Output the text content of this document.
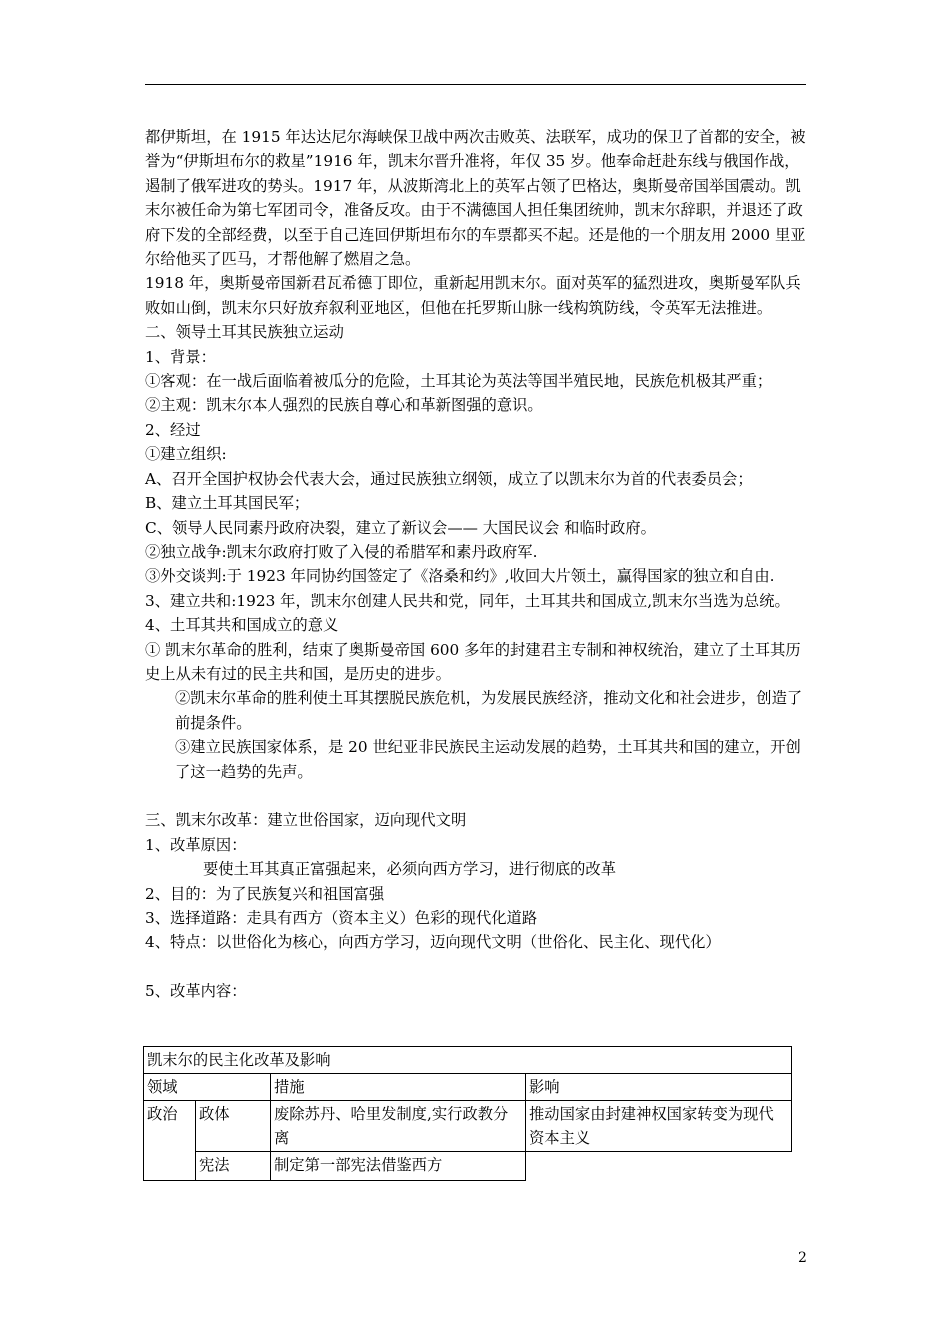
都伊斯坦，在 1915 年达达尼尔海峡保卫战中两次击败英、法联军，成功的保卫了首都的安全，被誉为“伊斯坦布尔的救星”1916 年，凯末尔晋升准将，年仅 35 岁。他奉命赶赴东线与俄国作战，遏制了俄军进攻的势头。1917 年，从波斯湾北上的英军占领了巴格达，奥斯曼帝国举国震动。凯末尔被任命为第七军团司令，准备反攻。由于不满德国人担任集团统帅，凯末尔辞职，并退还了政府下发的全部经费，以至于自己连回伊斯坦布尔的车票都买不起。还是他的一个朋友用 2000 里亚尔给他买了匹马，才帮他解了燃眉之急。

1918 年，奥斯曼帝国新君瓦希德丁即位，重新起用凯末尔。面对英军的猛烈进攻，奥斯曼军队兵败如山倒，凯末尔只好放弃叙利亚地区，但他在托罗斯山脉一线构筑防线，令英军无法推进。

二、领导土耳其民族独立运动

1、背景：

①客观：在一战后面临着被瓜分的危险，土耳其论为英法等国半殖民地，民族危机极其严重；

②主观：凯末尔本人强烈的民族自尊心和革新图强的意识。

2、经过

①建立组织:

A、召开全国护权协会代表大会，通过民族独立纲领，成立了以凯末尔为首的代表委员会；

B、建立土耳其国民军；

C、领导人民同素丹政府决裂，建立了新议会—— 大国民议会 和临时政府。

②独立战争:凯末尔政府打败了入侵的希腊军和素丹政府军.

③外交谈判:于 1923 年同协约国签定了《洛桑和约》,收回大片领土，赢得国家的独立和自由.

3、建立共和:1923 年，凯末尔创建人民共和党，同年，土耳其共和国成立,凯末尔当选为总统。

4、土耳其共和国成立的意义

① 凯末尔革命的胜利，结束了奥斯曼帝国 600 多年的封建君主专制和神权统治，建立了土耳其历史上从未有过的民主共和国，是历史的进步。

②凯末尔革命的胜利使土耳其摆脱民族危机，为发展民族经济，推动文化和社会进步，创造了前提条件。

③建立民族国家体系，是 20 世纪亚非民族民主运动发展的趋势，土耳其共和国的建立，开创了这一趋势的先声。

三、凯末尔改革：建立世俗国家，迈向现代文明

1、改革原因：

要使土耳其真正富强起来，必须向西方学习，进行彻底的改革

2、目的：为了民族复兴和祖国富强

3、选择道路：走具有西方（资本主义）色彩的现代化道路

4、特点：以世俗化为核心，向西方学习，迈向现代文明（世俗化、民主化、现代化）

5、改革内容：

凯末尔的民主化改革及影响			
领域		措施	影响
政治	政体	废除苏丹、哈里发制度,实行政教分离	推动国家由封建神权国家转变为现代资本主义
	宪法	制定第一部宪法借鉴西方	
2
